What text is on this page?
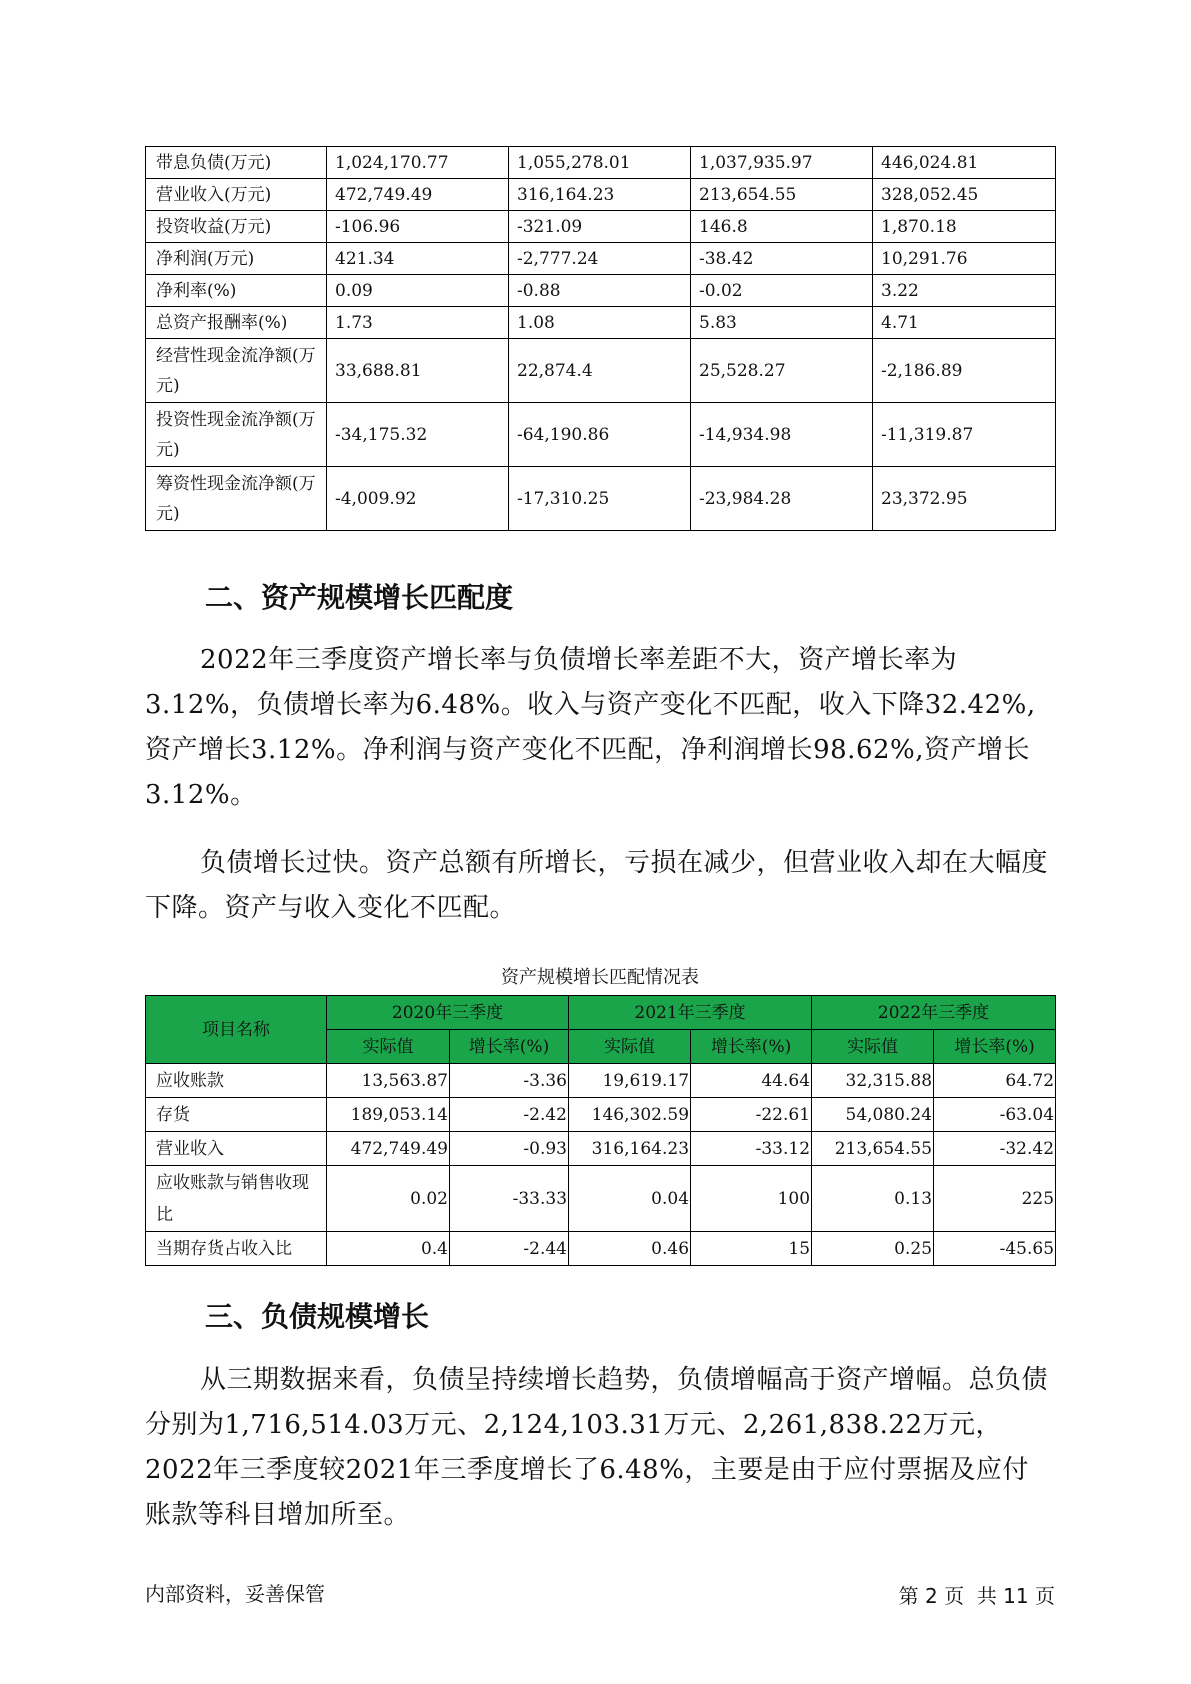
带息负债(万元)	1,024,170.77	1,055,278.01	1,037,935.97	446,024.81
营业收入(万元)	472,749.49	316,164.23	213,654.55	328,052.45
投资收益(万元)	-106.96	-321.09	146.8	1,870.18
净利润(万元)	421.34	-2,777.24	-38.42	10,291.76
净利率(%)	0.09	-0.88	-0.02	3.22
总资产报酬率(%)	1.73	1.08	5.83	4.71
经营性现金流净额(万元)	33,688.81	22,874.4	25,528.27	-2,186.89
投资性现金流净额(万元)	-34,175.32	-64,190.86	-14,934.98	-11,319.87
筹资性现金流净额(万元)	-4,009.92	-17,310.25	-23,984.28	23,372.95
二、资产规模增长匹配度
2022年三季度资产增长率与负债增长率差距不大，资产增长率为3.12%，负债增长率为6.48%。收入与资产变化不匹配，收入下降32.42%,资产增长3.12%。净利润与资产变化不匹配，净利润增长98.62%,资产增长3.12%。
负债增长过快。资产总额有所增长，亏损在减少，但营业收入却在大幅度下降。资产与收入变化不匹配。
资产规模增长匹配情况表
项目名称	2020年三季度		2021年三季度		2022年三季度	
	实际值	增长率(%)	实际值	增长率(%)	实际值	增长率(%)
应收账款	13,563.87	-3.36	19,619.17	44.64	32,315.88	64.72
存货	189,053.14	-2.42	146,302.59	-22.61	54,080.24	-63.04
营业收入	472,749.49	-0.93	316,164.23	-33.12	213,654.55	-32.42
应收账款与销售收现比	0.02	-33.33	0.04	100	0.13	225
当期存货占收入比	0.4	-2.44	0.46	15	0.25	-45.65
三、负债规模增长
从三期数据来看，负债呈持续增长趋势，负债增幅高于资产增幅。总负债分别为1,716,514.03万元、2,124,103.31万元、2,261,838.22万元，2022年三季度较2021年三季度增长了6.48%，主要是由于应付票据及应付账款等科目增加所至。
内部资料，妥善保管	第 2 页  共 11 页
